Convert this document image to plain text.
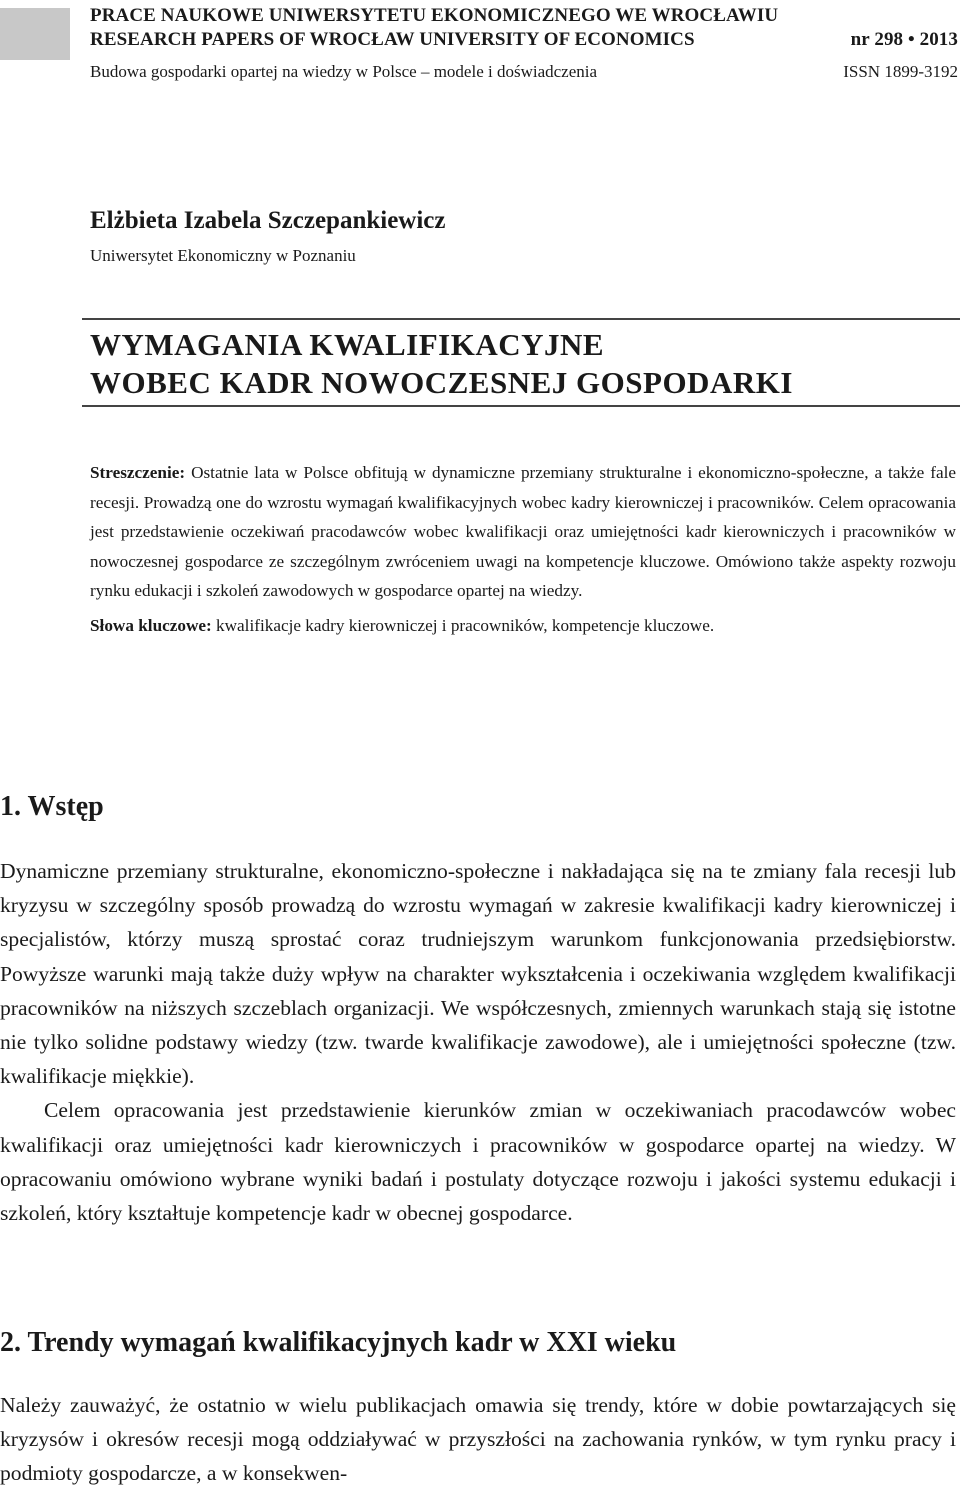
PRACE NAUKOWE UNIWERSYTETU EKONOMICZNEGO WE WROCŁAWIU
RESEARCH PAPERS OF WROCŁAW UNIVERSITY OF ECONOMICS	nr 298 • 2013
Budowa gospodarki opartej na wiedzy w Polsce – modele i doświadczenia	ISSN 1899-3192
Elżbieta Izabela Szczepankiewicz
Uniwersytet Ekonomiczny w Poznaniu
WYMAGANIA KWALIFIKACYJNE
WOBEC KADR NOWOCZESNEJ GOSPODARKI

Streszczenie: Ostatnie lata w Polsce obfitują w dynamiczne przemiany strukturalne i ekonomiczno-społeczne, a także fale recesji. Prowadzą one do wzrostu wymagań kwalifikacyjnych wobec kadry kierowniczej i pracowników. Celem opracowania jest przedstawienie oczekiwań pracodawców wobec kwalifikacji oraz umiejętności kadr kierowniczych i pracowników w nowoczesnej gospodarce ze szczególnym zwróceniem uwagi na kompetencje kluczowe. Omówiono także aspekty rozwoju rynku edukacji i szkoleń zawodowych w gospodarce opartej na wiedzy.

Słowa kluczowe: kwalifikacje kadry kierowniczej i pracowników, kompetencje kluczowe.

1. Wstęp

Dynamiczne przemiany strukturalne, ekonomiczno-społeczne i nakładająca się na te zmiany fala recesji lub kryzysu w szczególny sposób prowadzą do wzrostu wymagań w zakresie kwalifikacji kadry kierowniczej i specjalistów, którzy muszą sprostać coraz trudniejszym warunkom funkcjonowania przedsiębiorstw. Powyższe warunki mają także duży wpływ na charakter wykształcenia i oczekiwania względem kwalifikacji pracowników na niższych szczeblach organizacji. We współczesnych, zmiennych warunkach stają się istotne nie tylko solidne podstawy wiedzy (tzw. twarde kwalifikacje zawodowe), ale i umiejętności społeczne (tzw. kwalifikacje miękkie).

Celem opracowania jest przedstawienie kierunków zmian w oczekiwaniach pracodawców wobec kwalifikacji oraz umiejętności kadr kierowniczych i pracowników w gospodarce opartej na wiedzy. W opracowaniu omówiono wybrane wyniki badań i postulaty dotyczące rozwoju i jakości systemu edukacji i szkoleń, który kształtuje kompetencje kadr w obecnej gospodarce.

2. Trendy wymagań kwalifikacyjnych kadr w XXI wieku

Należy zauważyć, że ostatnio w wielu publikacjach omawia się trendy, które w dobie powtarzających się kryzysów i okresów recesji mogą oddziaływać w przyszłości na zachowania rynków, w tym rynku pracy i podmioty gospodarcze, a w konsekwen-
